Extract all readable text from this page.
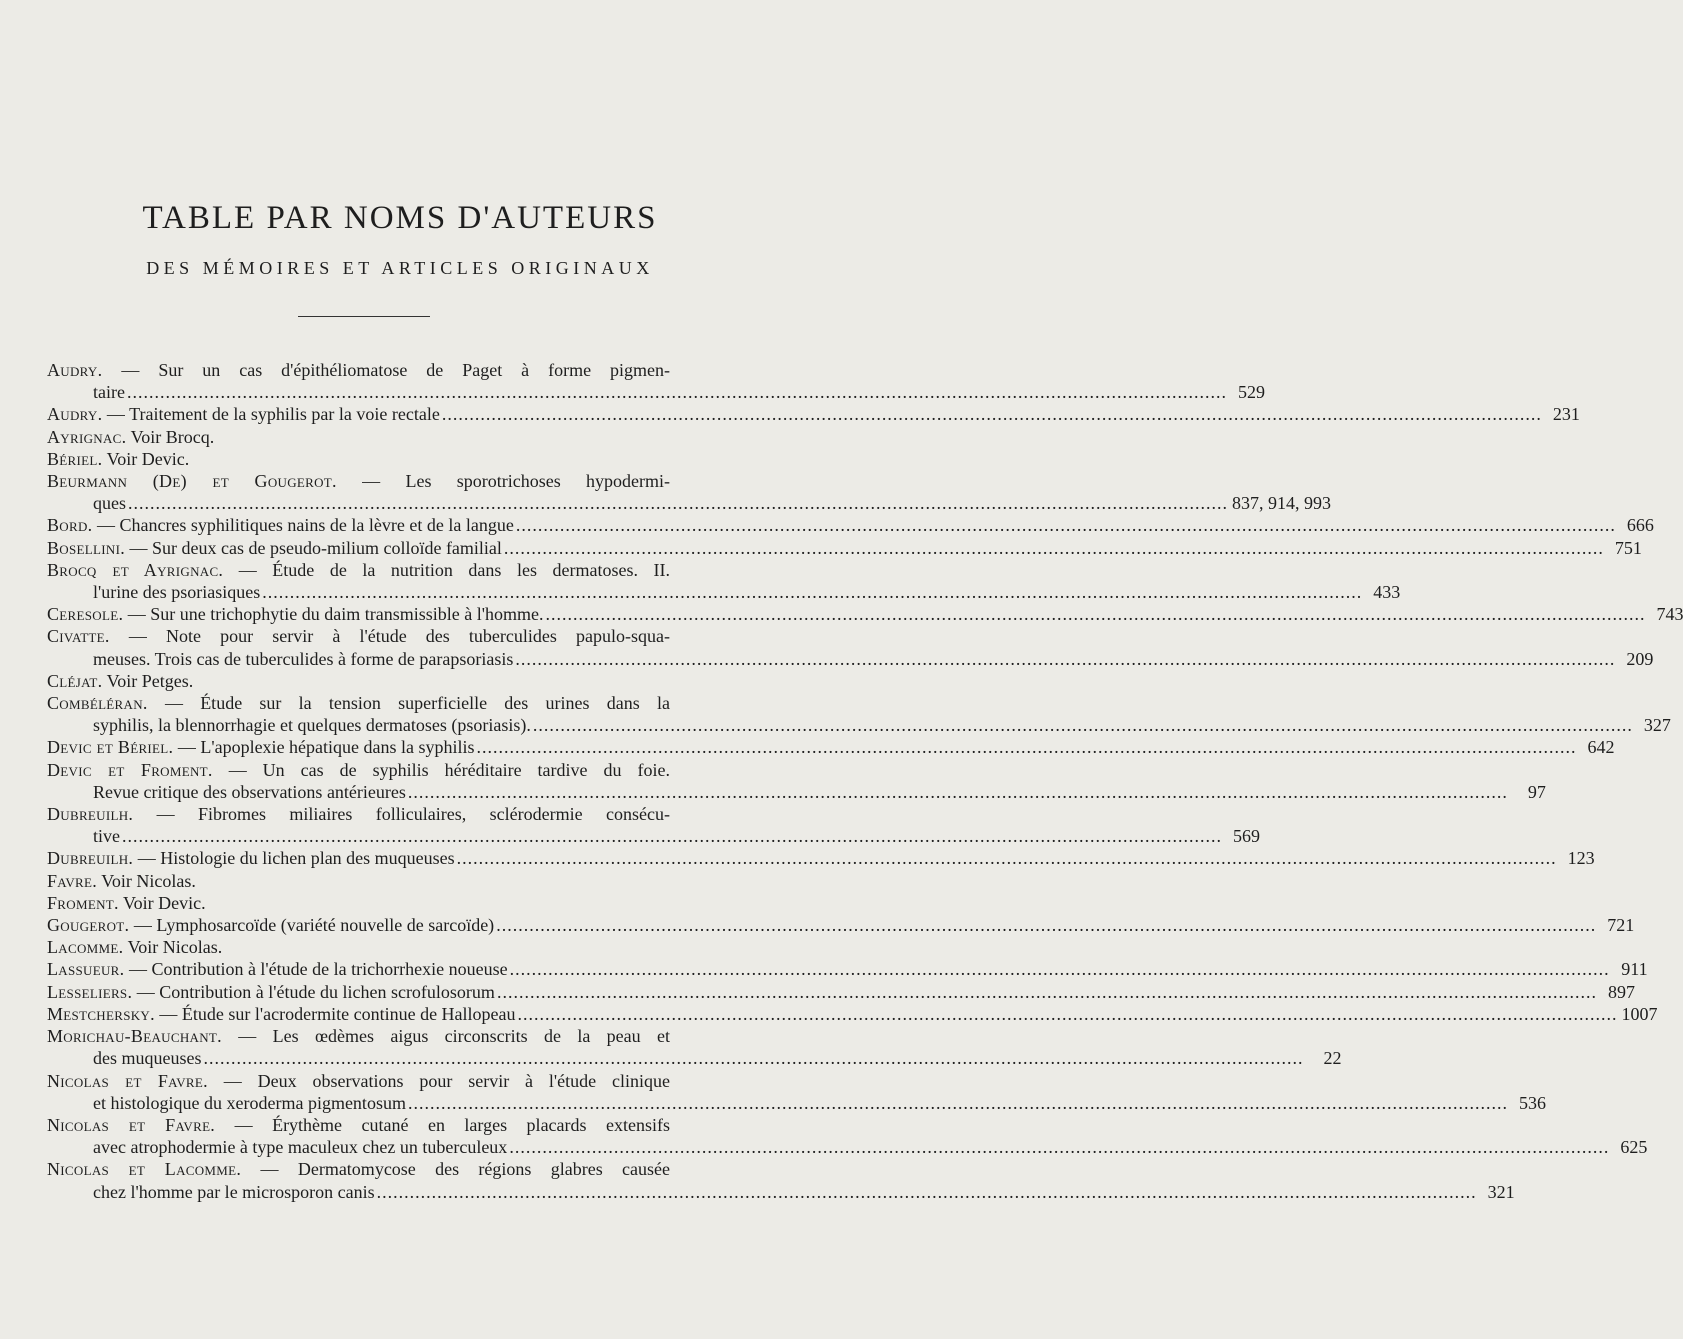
TABLE PAR NOMS D'AUTEURS
DES MÉMOIRES ET ARTICLES ORIGINAUX
Audry. — Sur un cas d'épithéliomatose de Paget à forme pigmen-
taire ........................................................................................................................................................................................................ 529
Audry. — Traitement de la syphilis par la voie rectale ........................................................................................................................................................................................................ 231
Ayrignac. Voir Brocq.
Bériel. Voir Devic.
Beurmann (De) et Gougerot. — Les sporotrichoses hypodermi-
ques ........................................................................................................................................................................................................ 837, 914, 993
Bord. — Chancres syphilitiques nains de la lèvre et de la langue ........................................................................................................................................................................................................ 666
Bosellini. — Sur deux cas de pseudo-milium colloïde familial ........................................................................................................................................................................................................ 751
Brocq et Ayrignac. — Étude de la nutrition dans les dermatoses. II.
l'urine des psoriasiques ........................................................................................................................................................................................................ 433
Ceresole. — Sur une trichophytie du daim transmissible à l'homme. ........................................................................................................................................................................................................ 743
Civatte. — Note pour servir à l'étude des tuberculides papulo-squa-
meuses. Trois cas de tuberculides à forme de parapsoriasis ........................................................................................................................................................................................................ 209
Cléjat. Voir Petges.
Combéléran. — Étude sur la tension superficielle des urines dans la
syphilis, la blennorrhagie et quelques dermatoses (psoriasis). ........................................................................................................................................................................................................ 327
Devic et Bériel. — L'apoplexie hépatique dans la syphilis ........................................................................................................................................................................................................ 642
Devic et Froment. — Un cas de syphilis héréditaire tardive du foie.
Revue critique des observations antérieures ........................................................................................................................................................................................................	97
Dubreuilh. — Fibromes miliaires folliculaires, sclérodermie consécu-
tive ........................................................................................................................................................................................................ 569
Dubreuilh. — Histologie du lichen plan des muqueuses ........................................................................................................................................................................................................ 123
Favre. Voir Nicolas.
Froment. Voir Devic.
Gougerot. — Lymphosarcoïde (variété nouvelle de sarcoïde) ........................................................................................................................................................................................................ 721
Lacomme. Voir Nicolas.
Lassueur. — Contribution à l'étude de la trichorrhexie noueuse ........................................................................................................................................................................................................ 911
Lesseliers. — Contribution à l'étude du lichen scrofulosorum ........................................................................................................................................................................................................ 897
Mestchersky. — Étude sur l'acrodermite continue de Hallopeau ........................................................................................................................................................................................................ 1007
Morichau-Beauchant. — Les œdèmes aigus circonscrits de la peau et
des muqueuses ........................................................................................................................................................................................................	22
Nicolas et Favre. — Deux observations pour servir à l'étude clinique
et histologique du xeroderma pigmentosum ........................................................................................................................................................................................................ 536
Nicolas et Favre. — Érythème cutané en larges placards extensifs
avec atrophodermie à type maculeux chez un tuberculeux ........................................................................................................................................................................................................ 625
Nicolas et Lacomme. — Dermatomycose des régions glabres causée
chez l'homme par le microsporon canis ........................................................................................................................................................................................................ 321
